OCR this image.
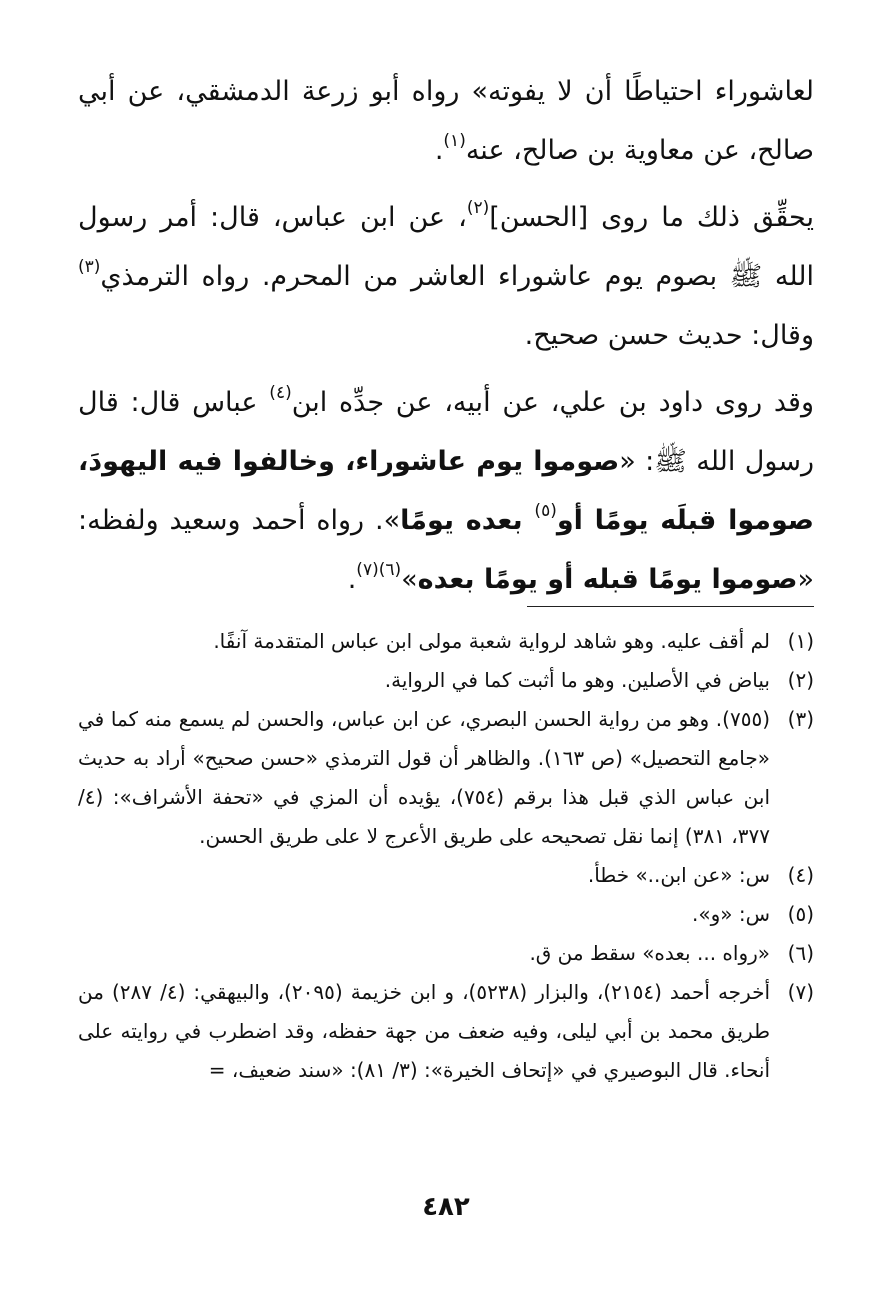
لعاشوراء احتياطًا أن لا يفوته» رواه أبو زرعة الدمشقي، عن أبي صالح، عن معاوية بن صالح، عنه$^{(١)}$.

يحقِّق ذلك ما روى [الحسن]$^{(٢)}$، عن ابن عباس، قال: أمر رسول الله ﷺ بصوم يوم عاشوراء العاشر من المحرم. رواه الترمذي$^{(٣)}$ وقال: حديث حسن صحيح.

وقد روى داود بن علي، عن أبيه، عن جدِّه ابن$^{(٤)}$ عباس قال: قال رسول الله ﷺ: «صوموا يوم عاشوراء، وخالفوا فيه اليهودَ، صوموا قبلَه يومًا أو$^{(٥)}$ بعده يومًا». رواه أحمد وسعيد ولفظه: «صوموا يومًا قبله أو يومًا بعده»$^{(٦)(٧)}$.

(١)
لم أقف عليه. وهو شاهد لرواية شعبة مولى ابن عباس المتقدمة آنفًا.
(٢)
بياض في الأصلين. وهو ما أثبت كما في الرواية.
(٣)
(٧٥٥). وهو من رواية الحسن البصري، عن ابن عباس، والحسن لم يسمع منه كما في «جامع التحصيل» (ص ١٦٣). والظاهر أن قول الترمذي «حسن صحيح» أراد به حديث ابن عباس الذي قبل هذا برقم (٧٥٤)، يؤيده أن المزي في «تحفة الأشراف»: (٤/ ٣٧٧، ٣٨١) إنما نقل تصحيحه على طريق الأعرج لا على طريق الحسن.
(٤)
س: «عن ابن..» خطأ.
(٥)
س: «و».
(٦)
«رواه ... بعده» سقط من ق.
(٧)
أخرجه أحمد (٢١٥٤)، والبزار (٥٢٣٨)، و ابن خزيمة (٢٠٩٥)، والبيهقي: (٤/ ٢٨٧) من طريق محمد بن أبي ليلى، وفيه ضعف من جهة حفظه، وقد اضطرب في روايته على أنحاء. قال البوصيري في «إتحاف الخيرة»: (٣/ ٨١): «سند ضعيف، =
٤٨٢
